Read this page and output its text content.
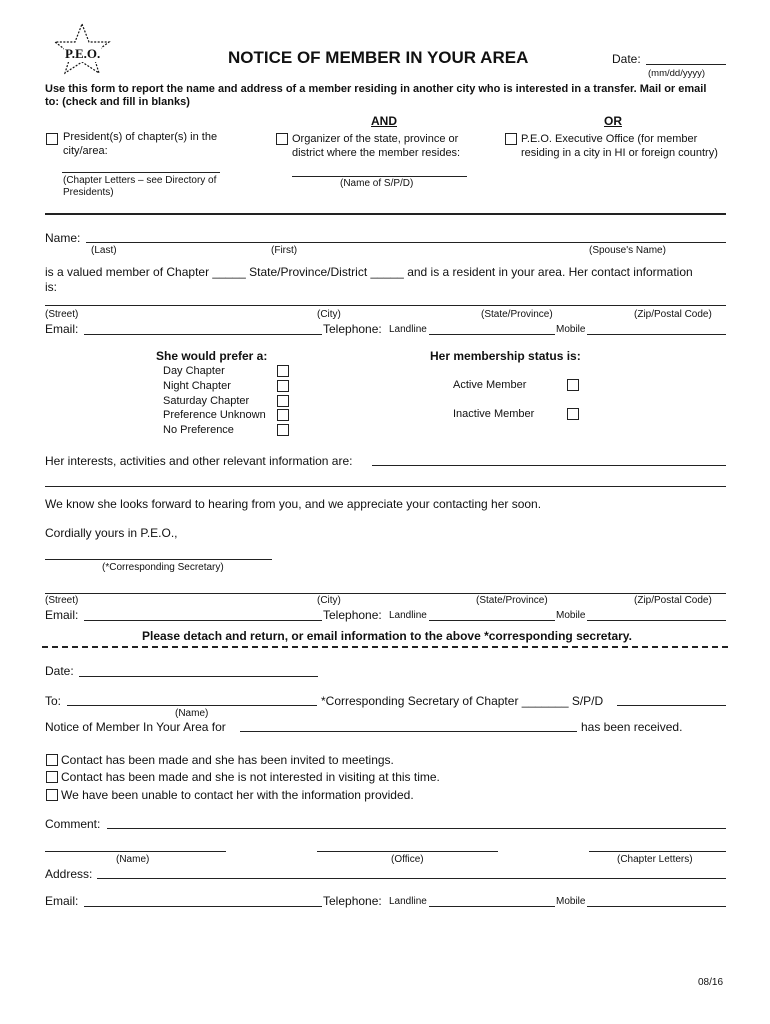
P.E.O.	NOTICE OF MEMBER IN YOUR AREA	Date:
(mm/dd/yyyy)
Use this form to report the name and address of a member residing in another city who is interested in a transfer. Mail or email to: (check and fill in blanks)
AND	OR
President(s) of chapter(s) in the
city/area:
(Chapter Letters – see Directory of
Presidents)
Organizer of the state, province or
district where the member resides:
(Name of S/P/D)
P.E.O. Executive Office (for member
residing in a city in HI or foreign country)
Name:
(Last)	(First)	(Spouse's Name)
is a valued member of Chapter _____ State/Province/District _____ and is a resident in your area. Her contact information
is:
(Street)	(City)	(State/Province)	(Zip/Postal Code)
Email:	Telephone: Landline	Mobile
She would prefer a:
Day Chapter
Night Chapter
Saturday Chapter
Preference Unknown
No Preference
Her membership status is:
Active Member
Inactive Member
Her interests, activities and other relevant information are:
We know she looks forward to hearing from you, and we appreciate your contacting her soon.
Cordially yours in P.E.O.,
(*Corresponding Secretary)
(Street)	(City)	(State/Province)	(Zip/Postal Code)
Email:	Telephone: Landline	Mobile
Please detach and return, or email information to the above *corresponding secretary.
Date:
To:	*Corresponding Secretary of Chapter _______ S/P/D
(Name)
Notice of Member In Your Area for	has been received.
Contact has been made and she has been invited to meetings.
Contact has been made and she is not interested in visiting at this time.
We have been unable to contact her with the information provided.
Comment:
(Name)	(Office)	(Chapter Letters)
Address:
Email:	Telephone: Landline	Mobile
08/16
